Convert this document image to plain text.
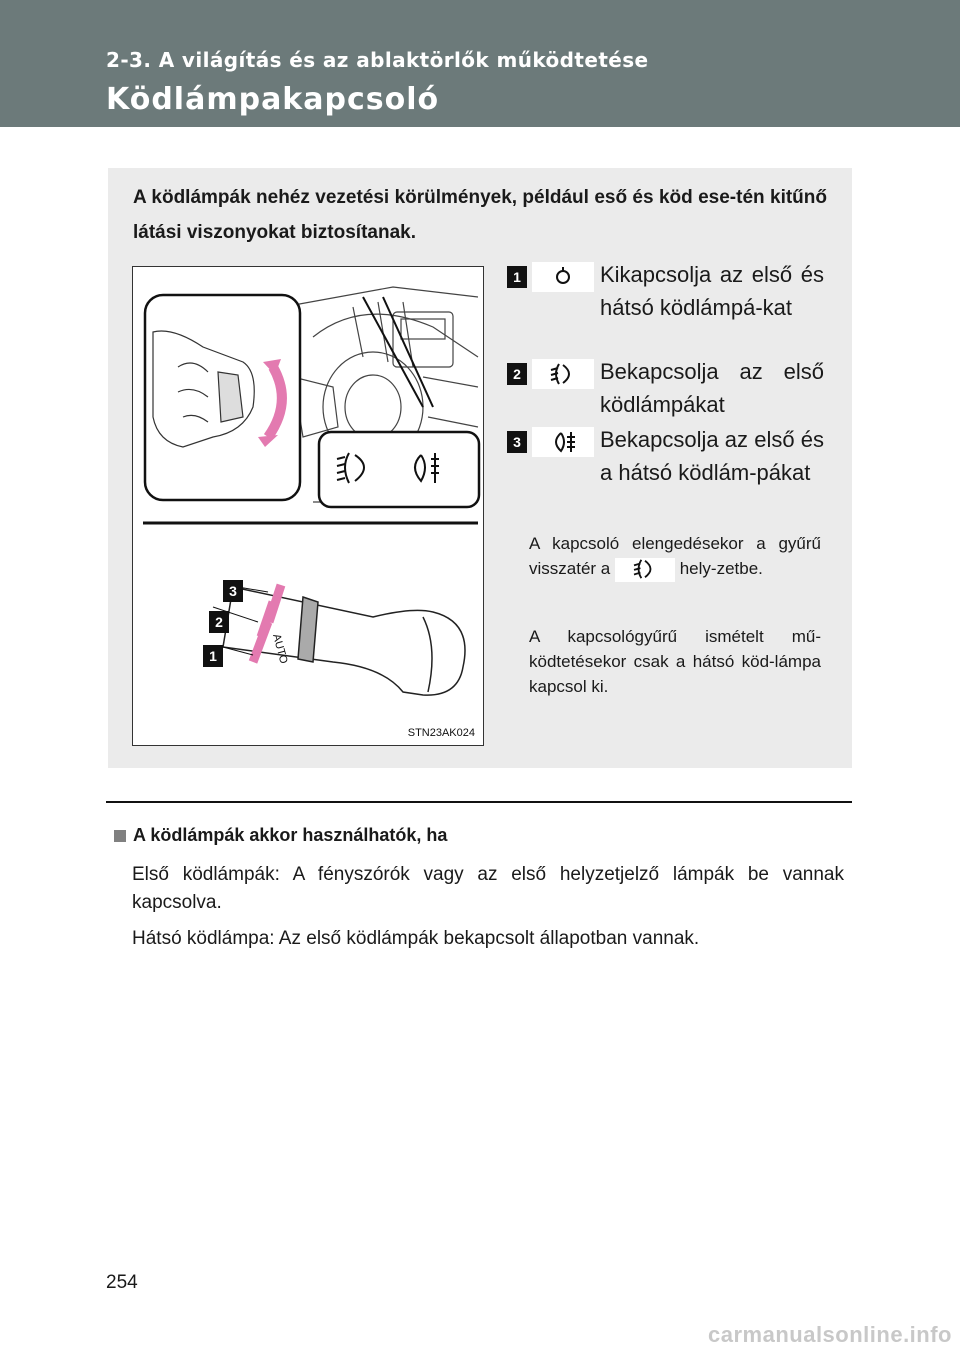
2-3. A világítás és az ablaktörlők működtetése
Ködlámpakapcsoló
A ködlámpák nehéz vezetési körülmények, például eső és köd ese-tén kitűnő látási viszonyokat biztosítanak.
AUTO
3
2
1
STN23AK024
1	Kikapcsolja az első és hátsó ködlámpá-kat
2	Bekapcsolja az első ködlámpákat
3	Bekapcsolja az első és a hátsó ködlám-pákat
A kapcsoló elengedésekor a gyűrű visszatér a	hely-zetbe.
A kapcsológyűrű ismételt mű-ködtetésekor csak a hátsó köd-lámpa kapcsol ki.
A ködlámpák akkor használhatók, ha
Első ködlámpák: A fényszórók vagy az első helyzetjelző lámpák be vannak kapcsolva.
Hátsó ködlámpa: Az első ködlámpák bekapcsolt állapotban vannak.
254
carmanualsonline.info
